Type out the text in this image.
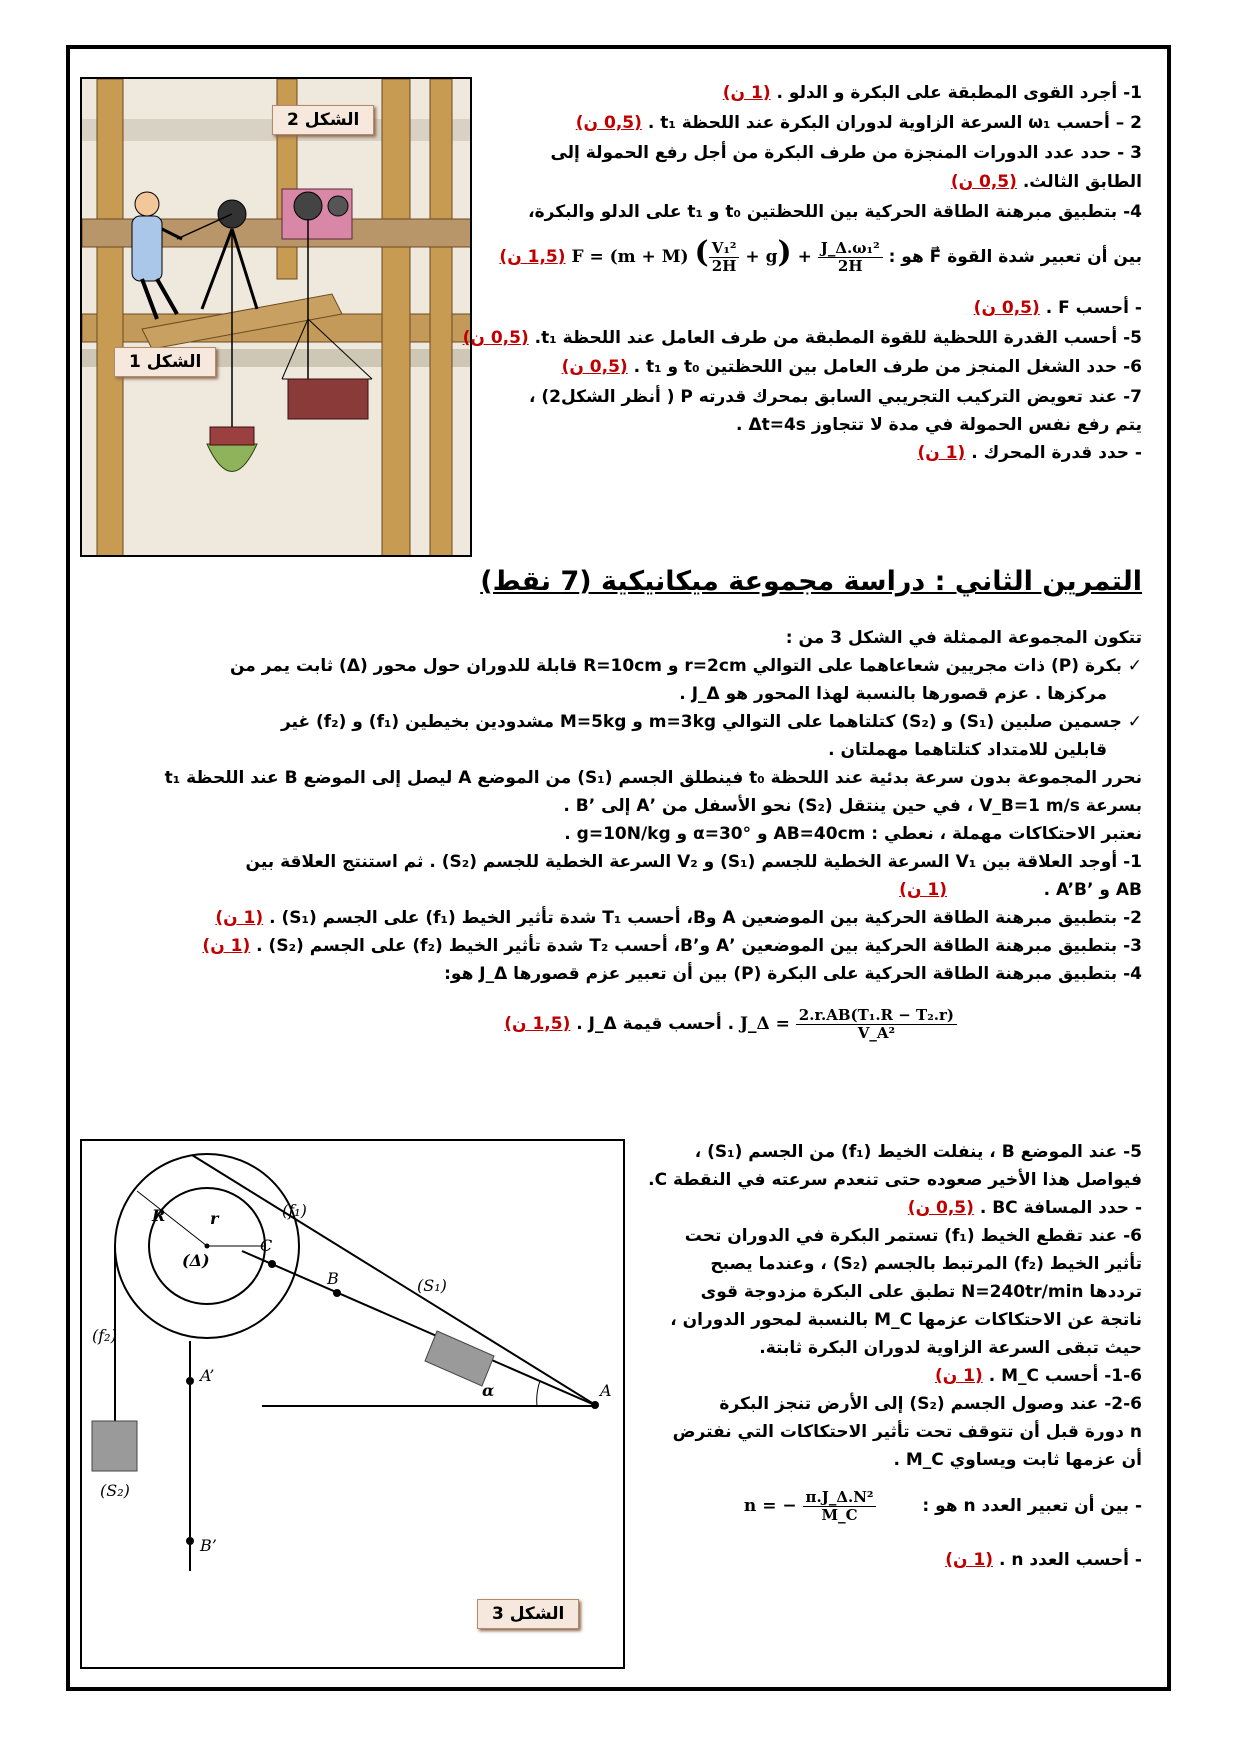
الشكل 2
الشكل 1
1- أجرد القوى المطبقة على البكرة و الدلو . (1 ن)
2 – أحسب ω₁ السرعة الزاوية لدوران البكرة عند اللحظة t₁ . (0,5 ن)
3 - حدد عدد الدورات المنجزة من طرف البكرة من أجل رفع الحمولة إلى
الطابق الثالث. (0,5 ن)
4- بتطبيق مبرهنة الطاقة الحركية بين اللحظتين t₀ و t₁ على الدلو والبكرة،
بين أن تعبير شدة القوة F⃗ هو : F = (m + M) ( $\frac{\text{V₁²}}{2H} + g) + \frac{\text{J\_Δ.ω₁²}}{2H}$
(1,5 ن)
- أحسب F . (0,5 ن)
5- أحسب القدرة اللحظية للقوة المطبقة من طرف العامل عند اللحظة t₁. (0,5 ن)
6- حدد الشغل المنجز من طرف العامل بين اللحظتين t₀ و t₁ . (0,5 ن)
7- عند تعويض التركيب التجريبي السابق بمحرك قدرته P ( أنظر الشكل2) ،
يتم رفع نفس الحمولة في مدة لا تتجاوز Δt=4s .
- حدد قدرة المحرك . (1 ن)
التمرين الثاني : دراسة مجموعة ميكانيكية (7 نقط)
تتكون المجموعة الممثلة في الشكل 3 من :
✓ بكرة (P) ذات مجريين شعاعاهما على التوالي r=2cm و R=10cm قابلة للدوران حول محور (Δ) ثابت يمر من
مركزها . عزم قصورها بالنسبة لهذا المحور هو J_Δ .
✓ جسمين صلبين (S₁) و (S₂) كتلتاهما على التوالي m=3kg و M=5kg مشدودين بخيطين (f₁) و (f₂) غير
قابلين للامتداد كتلتاهما مهملتان .
نحرر المجموعة بدون سرعة بدئية عند اللحظة t₀ فينطلق الجسم (S₁) من الموضع A ليصل إلى الموضع B عند اللحظة t₁
بسرعة V_B=1 m/s ، في حين ينتقل (S₂) نحو الأسفل من ’A إلى ’B .
نعتبر الاحتكاكات مهملة ، نعطي : AB=40cm و α=30° و g=10N/kg .
1- أوجد العلاقة بين V₁ السرعة الخطية للجسم (S₁) و V₂ السرعة الخطية للجسم (S₂) . ثم استنتج العلاقة بين
AB و ’A’B .
(1 ن)
2- بتطبيق مبرهنة الطاقة الحركية بين الموضعين A وB، أحسب T₁ شدة تأثير الخيط (f₁) على الجسم (S₁) . (1 ن)
3- بتطبيق مبرهنة الطاقة الحركية بين الموضعين ’A و’B، أحسب T₂ شدة تأثير الخيط (f₂) على الجسم (S₂) . (1 ن)
4- بتطبيق مبرهنة الطاقة الحركية على البكرة (P) بين أن تعبير عزم قصورها J_Δ هو:
J_Δ = $\frac{\text{2.r.AB(T₁.R − T₂.r)}}{\text{V\_A²}}$
. أحسب قيمة J_Δ . (1,5 ن)
5- عند الموضع B ، ينفلت الخيط (f₁) من الجسم (S₁) ،
فيواصل هذا الأخير صعوده حتى تنعدم سرعته في النقطة C.
- حدد المسافة BC . (0,5 ن)
6- عند تقطع الخيط (f₁) تستمر البكرة في الدوران تحت
تأثير الخيط (f₂) المرتبط بالجسم (S₂) ، وعندما يصبح
ترددها N=240tr/min تطبق على البكرة مزدوجة قوى
ناتجة عن الاحتكاكات عزمها M_C بالنسبة لمحور الدوران ،
حيث تبقى السرعة الزاوية لدوران البكرة ثابتة.
1-6- أحسب M_C . (1 ن)
2-6- عند وصول الجسم (S₂) إلى الأرض تنجز البكرة
n دورة قبل أن تتوقف تحت تأثير الاحتكاكات التي نفترض
أن عزمها ثابت ويساوي M_C .
- بين أن تعبير العدد n هو : n = − $\frac{\text{π.J\_Δ.N²}}{M\_C}$
- أحسب العدد n . (1 ن)
R	r
(Δ)
(f₁)
(f₂)
(S₁)
(S₂)
A
B
C
A’
B’
α
الشكل 3
